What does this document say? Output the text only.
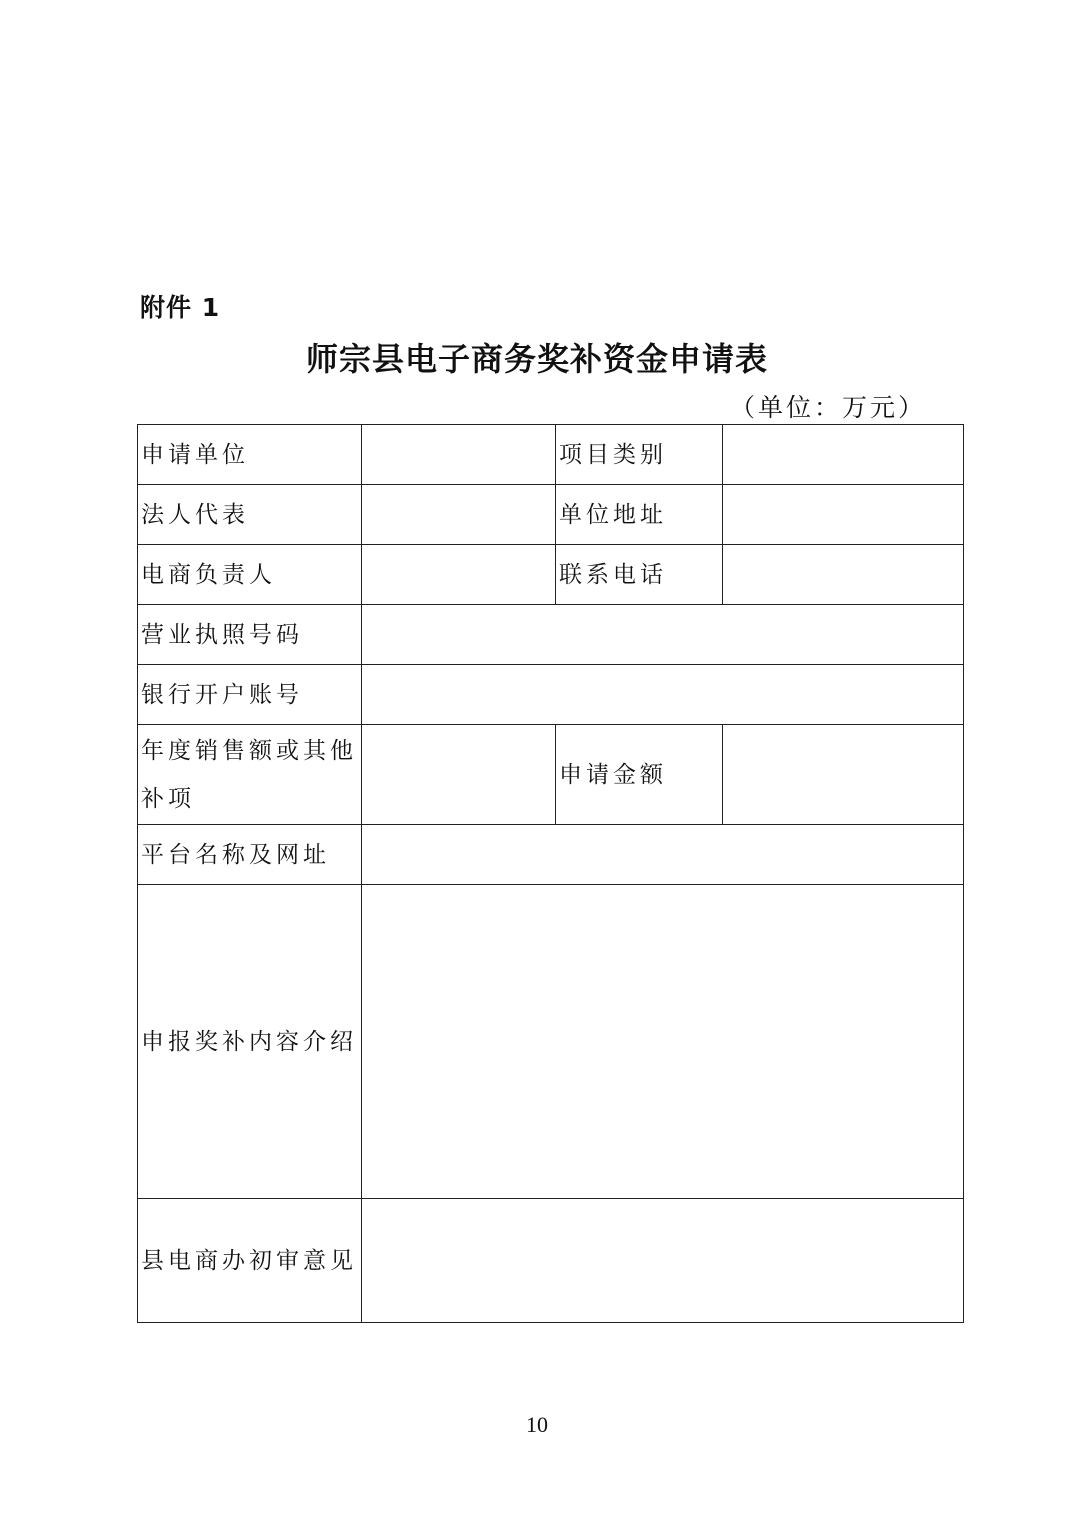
附件 1
师宗县电子商务奖补资金申请表
（单位：万元）
申请单位		项目类别	
法人代表		单位地址	
电商负责人		联系电话	
营业执照号码			
银行开户账号			

年度销售额或其他
补项		申请金额	
平台名称及网址			
申报奖补内容介绍			
县电商办初审意见			
10
